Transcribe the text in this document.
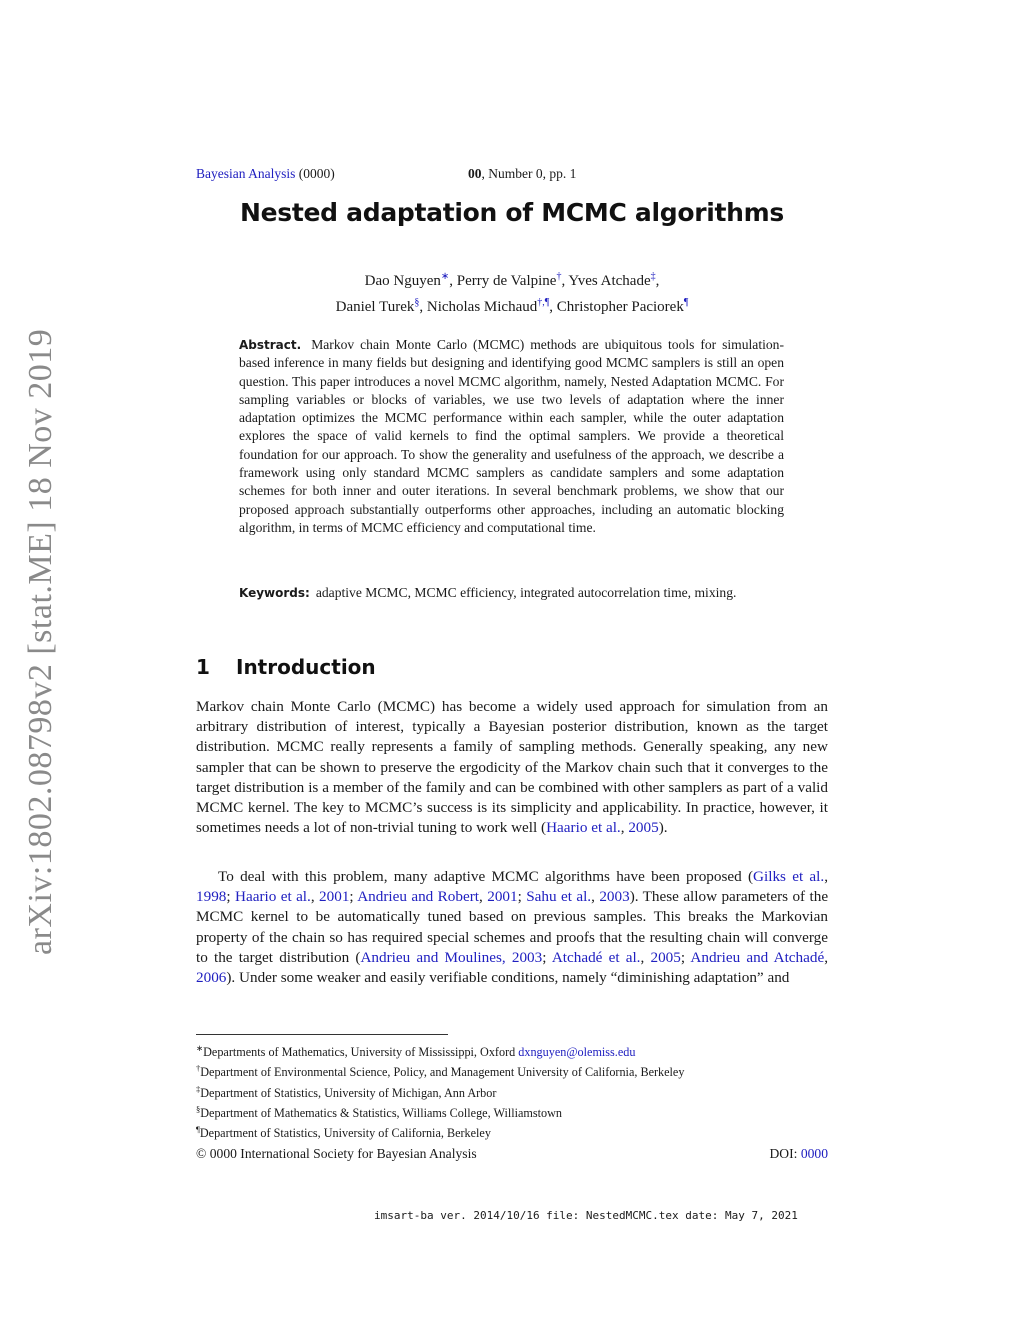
arXiv:1802.08798v2 [stat.ME] 18 Nov 2019
Bayesian Analysis (0000)	00, Number 0, pp. 1
Nested adaptation of MCMC algorithms
Dao Nguyen∗, Perry de Valpine†, Yves Atchade‡,
Daniel Turek§, Nicholas Michaud†,¶, Christopher Paciorek¶
Abstract. Markov chain Monte Carlo (MCMC) methods are ubiquitous tools for simulation-based inference in many fields but designing and identifying good MCMC samplers is still an open question. This paper introduces a novel MCMC algorithm, namely, Nested Adaptation MCMC. For sampling variables or blocks of variables, we use two levels of adaptation where the inner adaptation optimizes the MCMC performance within each sampler, while the outer adaptation explores the space of valid kernels to find the optimal samplers. We provide a theoretical foundation for our approach. To show the generality and usefulness of the approach, we describe a framework using only standard MCMC samplers as candidate samplers and some adaptation schemes for both inner and outer iterations. In several benchmark problems, we show that our proposed approach substantially outperforms other approaches, including an automatic blocking algorithm, in terms of MCMC efficiency and computational time.
Keywords: adaptive MCMC, MCMC efficiency, integrated autocorrelation time, mixing.
1 Introduction
Markov chain Monte Carlo (MCMC) has become a widely used approach for simulation from an arbitrary distribution of interest, typically a Bayesian posterior distribution, known as the target distribution. MCMC really represents a family of sampling methods. Generally speaking, any new sampler that can be shown to preserve the ergodicity of the Markov chain such that it converges to the target distribution is a member of the family and can be combined with other samplers as part of a valid MCMC kernel. The key to MCMC’s success is its simplicity and applicability. In practice, however, it sometimes needs a lot of non-trivial tuning to work well (Haario et al., 2005).
To deal with this problem, many adaptive MCMC algorithms have been proposed (Gilks et al., 1998; Haario et al., 2001; Andrieu and Robert, 2001; Sahu et al., 2003). These allow parameters of the MCMC kernel to be automatically tuned based on previous samples. This breaks the Markovian property of the chain so has required special schemes and proofs that the resulting chain will converge to the target distribution (Andrieu and Moulines, 2003; Atchadé et al., 2005; Andrieu and Atchadé, 2006). Under some weaker and easily verifiable conditions, namely “diminishing adaptation” and
∗Departments of Mathematics, University of Mississippi, Oxford dxnguyen@olemiss.edu
†Department of Environmental Science, Policy, and Management University of California, Berkeley
‡Department of Statistics, University of Michigan, Ann Arbor
§Department of Mathematics & Statistics, Williams College, Williamstown
¶Department of Statistics, University of California, Berkeley
© 0000 International Society for Bayesian Analysis	DOI: 0000
imsart-ba ver. 2014/10/16 file: NestedMCMC.tex date: May 7, 2021
